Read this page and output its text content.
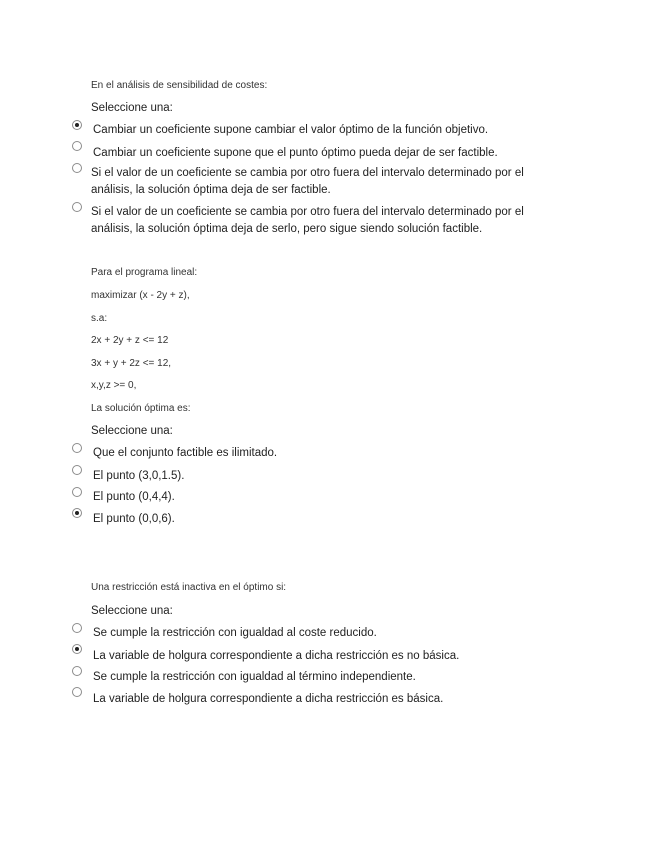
En el análisis de sensibilidad de costes:
Seleccione una:
Cambiar un coeficiente supone cambiar el valor óptimo de la función objetivo.
Cambiar un coeficiente supone que el punto óptimo pueda dejar de ser factible.
Si el valor de un coeficiente se cambia por otro fuera del intervalo determinado por el análisis, la solución óptima deja de ser factible.
Si el valor de un coeficiente se cambia por otro fuera del intervalo determinado por el análisis, la solución óptima deja de serlo, pero sigue siendo solución factible.
Para el programa lineal:
maximizar (x - 2y + z),
s.a:
2x + 2y + z <= 12
3x + y + 2z <= 12,
x,y,z >= 0,
La solución óptima es:
Seleccione una:
Que el conjunto factible es ilimitado.
El punto (3,0,1.5).
El punto (0,4,4).
El punto (0,0,6).
Una restricción está inactiva en el óptimo si:
Seleccione una:
Se cumple la restricción con igualdad al coste reducido.
La variable de holgura correspondiente a dicha restricción es no básica.
Se cumple la restricción con igualdad al término independiente.
La variable de holgura correspondiente a dicha restricción es básica.
